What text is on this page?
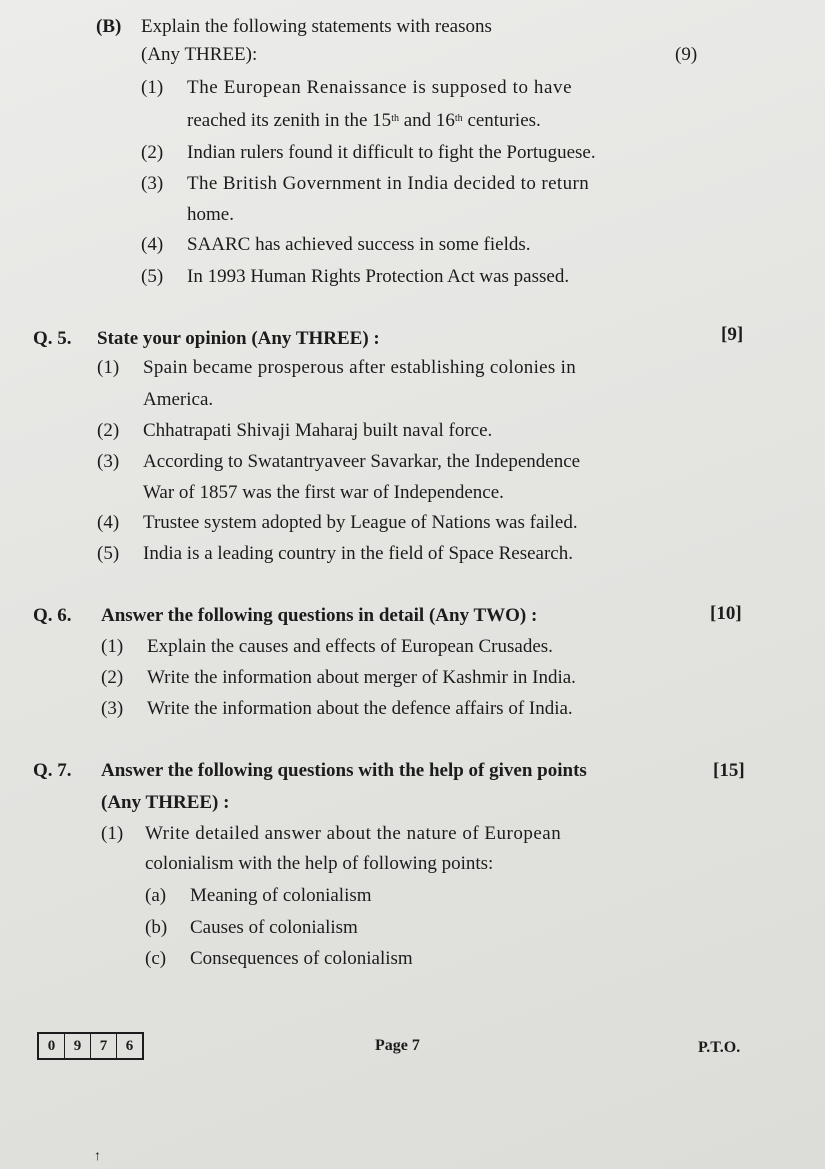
(B) Explain the following statements with reasons
(Any THREE):	(9)
(1) The European Renaissance is supposed to have
reached its zenith in the 15th and 16th centuries.
(2) Indian rulers found it difficult to fight the Portuguese.
(3) The British Government in India decided to return
home.
(4) SAARC has achieved success in some fields.
(5) In 1993 Human Rights Protection Act was passed.
Q. 5. State your opinion (Any THREE) :	[9]
(1) Spain became prosperous after establishing colonies in
America.
(2) Chhatrapati Shivaji Maharaj built naval force.
(3) According to Swatantryaveer Savarkar, the Independence
War of 1857 was the first war of Independence.
(4) Trustee system adopted by League of Nations was failed.
(5) India is a leading country in the field of Space Research.
Q. 6. Answer the following questions in detail (Any TWO) :	[10]
(1) Explain the causes and effects of European Crusades.
(2) Write the information about merger of Kashmir in India.
(3) Write the information about the defence affairs of India.
Q. 7. Answer the following questions with the help of given points	[15]
(Any THREE) :
(1) Write detailed answer about the nature of European
colonialism with the help of following points:
(a) Meaning of colonialism
(b) Causes of colonialism
(c) Consequences of colonialism
0	9	7	6	Page 7	P.T.O.
↑
